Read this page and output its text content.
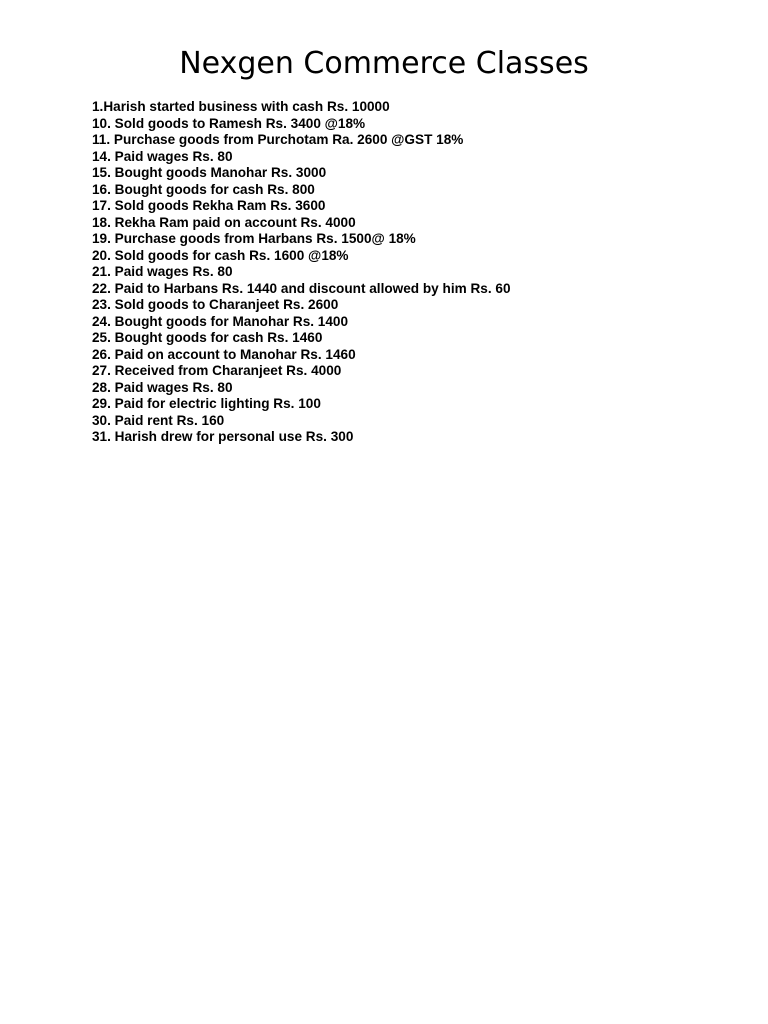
Nexgen Commerce Classes
1.Harish started business with cash Rs. 10000
10. Sold goods to Ramesh Rs. 3400 @18%
11. Purchase goods from Purchotam Ra. 2600 @GST 18%
14. Paid wages Rs. 80
15. Bought goods Manohar Rs. 3000
16. Bought goods for cash Rs. 800
17. Sold goods Rekha Ram Rs. 3600
18. Rekha Ram paid on account Rs. 4000
19. Purchase goods from Harbans Rs. 1500@ 18%
20. Sold goods for cash Rs. 1600 @18%
21. Paid wages Rs. 80
22. Paid to Harbans Rs. 1440 and discount allowed by him Rs. 60
23. Sold goods to Charanjeet Rs. 2600
24. Bought goods for Manohar Rs. 1400
25. Bought goods for cash Rs. 1460
26. Paid on account to Manohar Rs. 1460
27. Received from Charanjeet Rs. 4000
28. Paid wages Rs. 80
29. Paid for electric lighting Rs. 100
30. Paid rent Rs. 160
31. Harish drew for personal use Rs. 300
